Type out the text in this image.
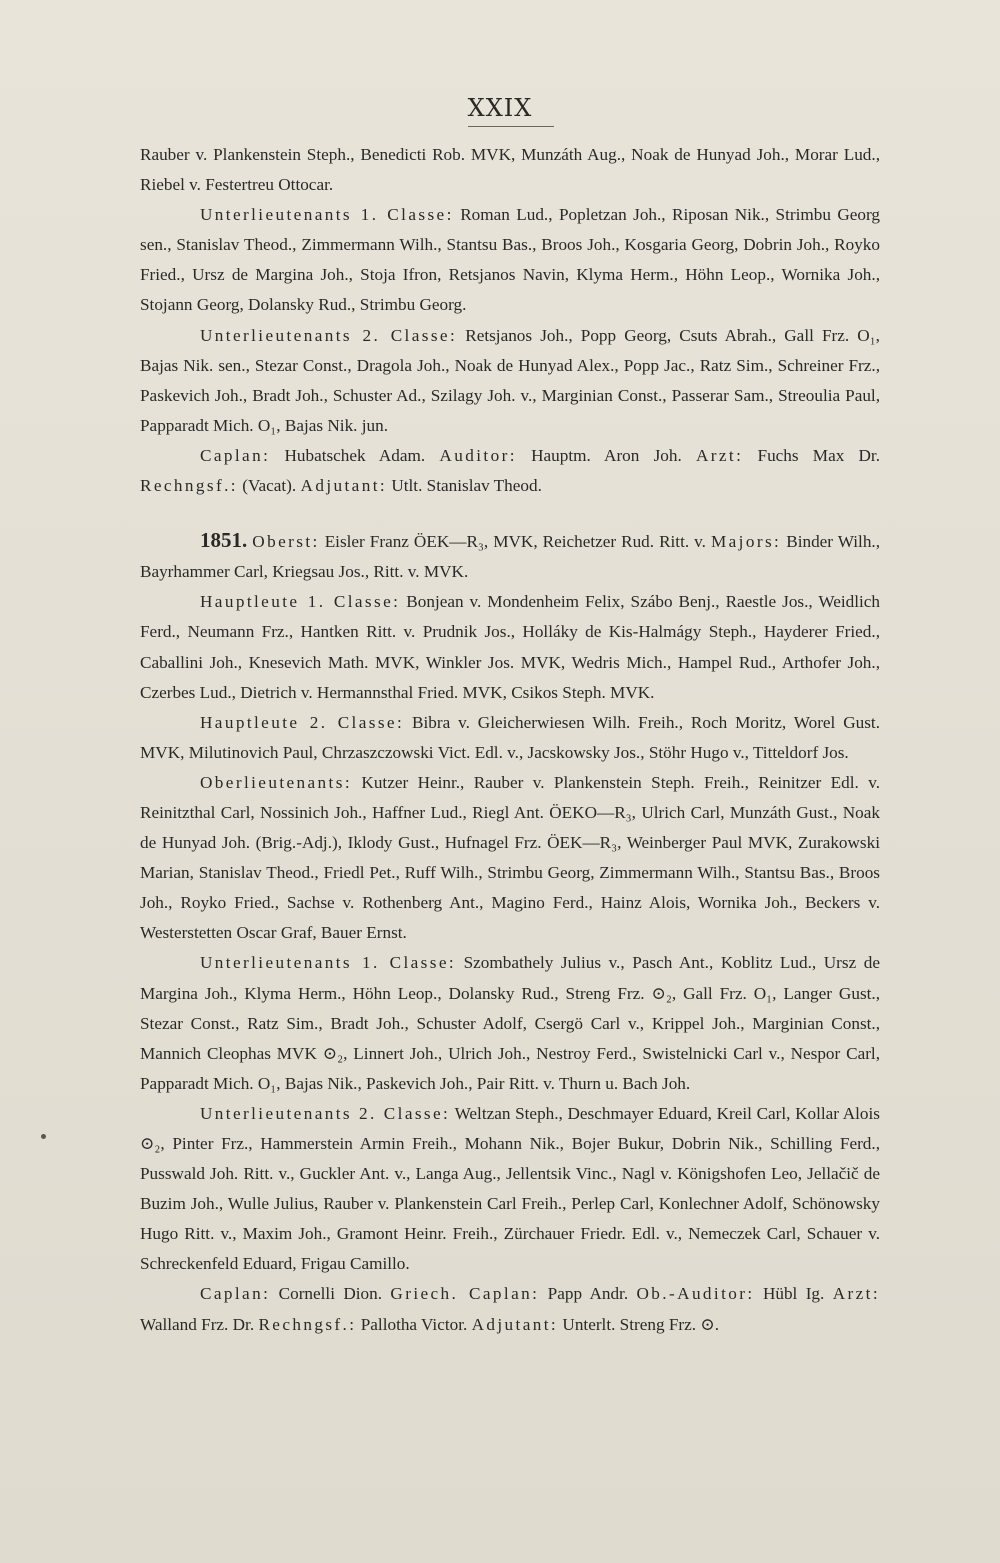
XXIX

Rauber v. Plankenstein Steph., Benedicti Rob. MVK, Munzáth Aug., Noak de Hunyad Joh., Morar Lud., Riebel v. Festertreu Ottocar.

Unterlieutenants 1. Classe: Roman Lud., Popletzan Joh., Riposan Nik., Strimbu Georg sen., Stanislav Theod., Zimmermann Wilh., Stantsu Bas., Broos Joh., Kosgaria Georg, Dobrin Joh., Royko Fried., Ursz de Margina Joh., Stoja Ifron, Retsjanos Navin, Klyma Herm., Höhn Leop., Wornika Joh., Stojann Georg, Dolansky Rud., Strimbu Georg.

Unterlieutenants 2. Classe: Retsjanos Joh., Popp Georg, Csuts Abrah., Gall Frz. O₁, Bajas Nik. sen., Stezar Const., Dragola Joh., Noak de Hunyad Alex., Popp Jac., Ratz Sim., Schreiner Frz., Paskevich Joh., Bradt Joh., Schuster Ad., Szilagy Joh. v., Marginian Const., Passerar Sam., Streoulia Paul, Papparadt Mich. O₁, Bajas Nik. jun.

Caplan: Hubatschek Adam. Auditor: Hauptm. Aron Joh. Arzt: Fuchs Max Dr. Rechngsf.: (Vacat). Adjutant: Utlt. Stanislav Theod.

1851. Oberst: Eisler Franz ÖEK—R₃, MVK, Reichetzer Rud. Ritt. v. Majors: Binder Wilh., Bayrhammer Carl, Kriegsau Jos., Ritt. v. MVK.

Hauptleute 1. Classe: Bonjean v. Mondenheim Felix, Szábo Benj., Raestle Jos., Weidlich Ferd., Neumann Frz., Hantken Ritt. v. Prudnik Jos., Holláky de Kis-Halmágy Steph., Hayderer Fried., Caballini Joh., Knesevich Math. MVK, Winkler Jos. MVK, Wedris Mich., Hampel Rud., Arthofer Joh., Czerbes Lud., Dietrich v. Hermannsthal Fried. MVK, Csikos Steph. MVK.

Hauptleute 2. Classe: Bibra v. Gleicherwiesen Wilh. Freih., Roch Moritz, Worel Gust. MVK, Milutinovich Paul, Chrzaszczowski Vict. Edl. v., Jacskowsky Jos., Stöhr Hugo v., Titteldorf Jos.

Oberlieutenants: Kutzer Heinr., Rauber v. Plankenstein Steph. Freih., Reinitzer Edl. v. Reinitzthal Carl, Nossinich Joh., Haffner Lud., Riegl Ant. ÖEKO—R₃, Ulrich Carl, Munzáth Gust., Noak de Hunyad Joh. (Brig.-Adj.), Iklody Gust., Hufnagel Frz. ÖEK—R₃, Weinberger Paul MVK, Zurakowski Marian, Stanislav Theod., Friedl Pet., Ruff Wilh., Strimbu Georg, Zimmermann Wilh., Stantsu Bas., Broos Joh., Royko Fried., Sachse v. Rothenberg Ant., Magino Ferd., Hainz Alois, Wornika Joh., Beckers v. Westerstetten Oscar Graf, Bauer Ernst.

Unterlieutenants 1. Classe: Szombathely Julius v., Pasch Ant., Koblitz Lud., Ursz de Margina Joh., Klyma Herm., Höhn Leop., Dolansky Rud., Streng Frz. ⊙₂, Gall Frz. O₁, Langer Gust., Stezar Const., Ratz Sim., Bradt Joh., Schuster Adolf, Csergö Carl v., Krippel Joh., Marginian Const., Mannich Cleophas MVK ⊙₂, Linnert Joh., Ulrich Joh., Nestroy Ferd., Swistelnicki Carl v., Nespor Carl, Papparadt Mich. O₁, Bajas Nik., Paskevich Joh., Pair Ritt. v. Thurn u. Bach Joh.

Unterlieutenants 2. Classe: Weltzan Steph., Deschmayer Eduard, Kreil Carl, Kollar Alois ⊙₂, Pinter Frz., Hammerstein Armin Freih., Mohann Nik., Bojer Bukur, Dobrin Nik., Schilling Ferd., Pusswald Joh. Ritt. v., Guckler Ant. v., Langa Aug., Jellentsik Vinc., Nagl v. Königshofen Leo, Jellačič de Buzim Joh., Wulle Julius, Rauber v. Plankenstein Carl Freih., Perlep Carl, Konlechner Adolf, Schönowsky Hugo Ritt. v., Maxim Joh., Gramont Heinr. Freih., Zürchauer Friedr. Edl. v., Nemeczek Carl, Schauer v. Schreckenfeld Eduard, Frigau Camillo.

Caplan: Cornelli Dion. Griech. Caplan: Papp Andr. Ob.-Auditor: Hübl Ig. Arzt: Walland Frz. Dr. Rechngsf.: Pallotha Victor. Adjutant: Unterlt. Streng Frz. ⊙.
